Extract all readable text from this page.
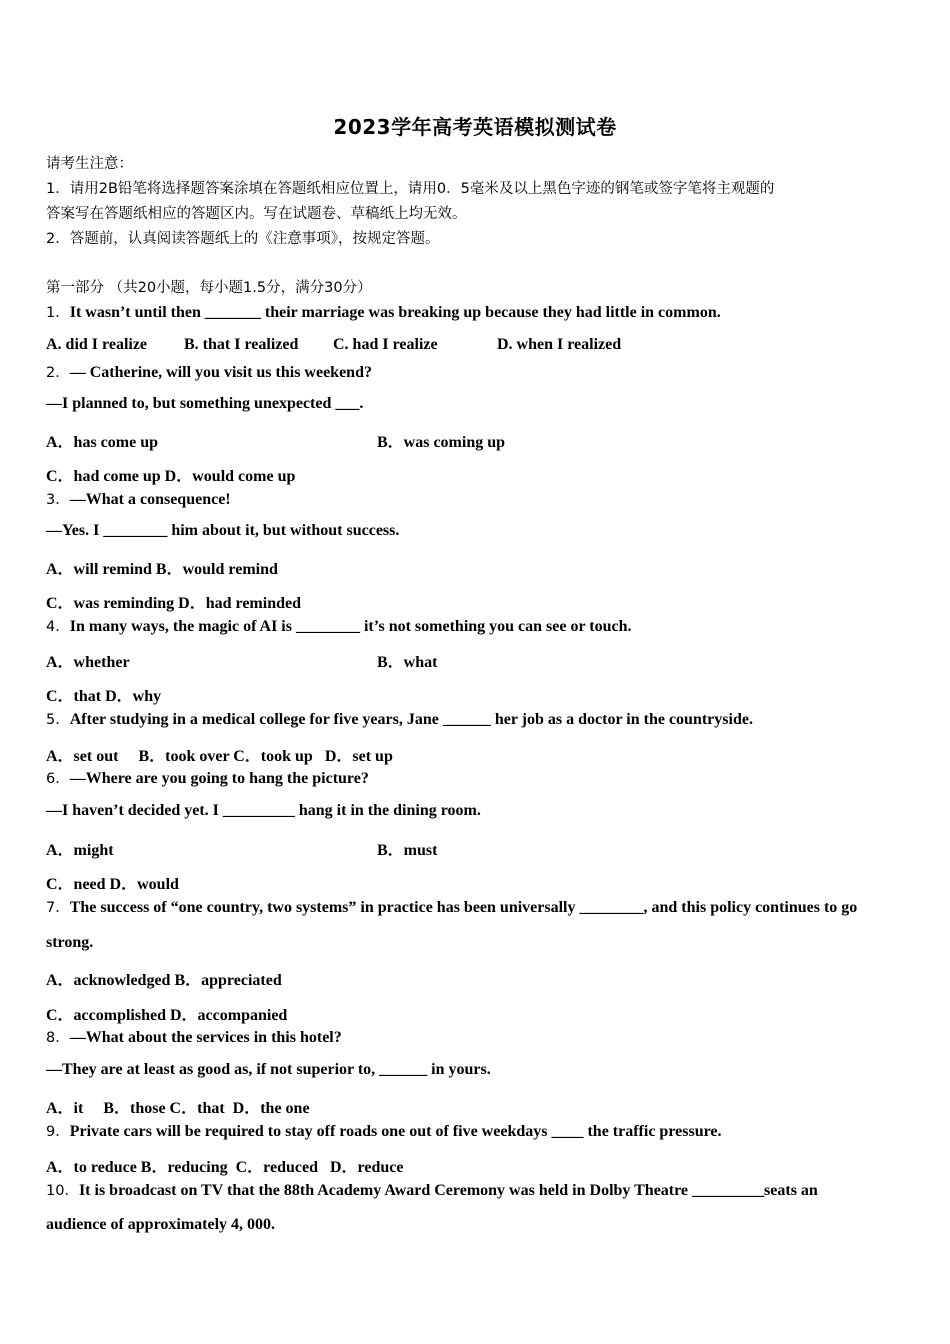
2023学年高考英语模拟测试卷
请考生注意：
1．请用2B铅笔将选择题答案涂填在答题纸相应位置上，请用0．5毫米及以上黑色字迹的钢笔或签字笔将主观题的
答案写在答题纸相应的答题区内。写在试题卷、草稿纸上均无效。
2．答题前，认真阅读答题纸上的《注意事项》，按规定答题。
第一部分 （共20小题，每小题1.5分，满分30分）
1．It wasn’t until then _______ their marriage was breaking up because they had little in common.
A. did I realize B. that I realized C. had I realize	D. when I realized
2．— Catherine, will you visit us this weekend?
—I planned to, but something unexpected ___.
A．has come up	B．was coming up
C．had come up D．would come up
3．—What a consequence!
—Yes. I ________ him about it, but without success.
A．will remind B．would remind
C．was reminding D．had reminded
4．In many ways, the magic of AI is ________ it’s not something you can see or touch.
A．whether	B．what
C．that D．why
5．After studying in a medical college for five years, Jane ______ her job as a doctor in the countryside.
A．set out     B．took over C．took up   D．set up
6．—Where are you going to hang the picture?
—I haven’t decided yet. I _________ hang it in the dining room.
A．might	B．must
C．need D．would
7．The success of “one country, two systems” in practice has been universally ________, and this policy continues to go
strong.
A．acknowledged B．appreciated
C．accomplished D．accompanied
8．—What about the services in this hotel?
—They are at least as good as, if not superior to, ______ in yours.
A．it     B．those C．that  D．the one
9．Private cars will be required to stay off roads one out of five weekdays ____ the traffic pressure.
A．to reduce B．reducing  C．reduced   D．reduce
10．It is broadcast on TV that the 88th Academy Award Ceremony was held in Dolby Theatre _________seats an
audience of approximately 4, 000.
